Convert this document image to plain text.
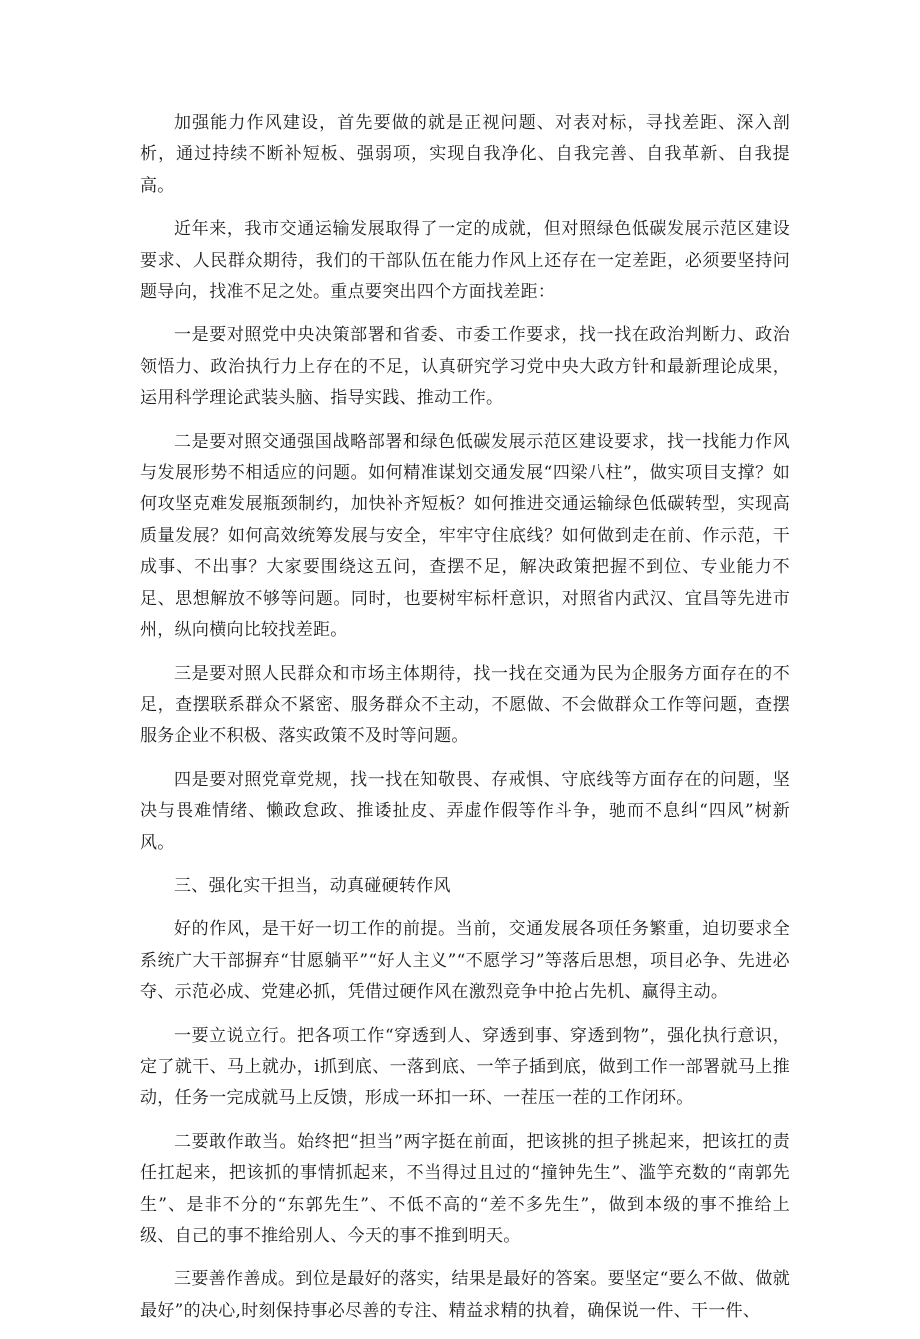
加强能力作风建设，首先要做的就是正视问题、对表对标，寻找差距、深入剖析，通过持续不断补短板、强弱项，实现自我净化、自我完善、自我革新、自我提高。

近年来，我市交通运输发展取得了一定的成就，但对照绿色低碳发展示范区建设要求、人民群众期待，我们的干部队伍在能力作风上还存在一定差距，必须要坚持问题导向，找准不足之处。重点要突出四个方面找差距：

一是要对照党中央决策部署和省委、市委工作要求，找一找在政治判断力、政治领悟力、政治执行力上存在的不足，认真研究学习党中央大政方针和最新理论成果，运用科学理论武装头脑、指导实践、推动工作。

二是要对照交通强国战略部署和绿色低碳发展示范区建设要求，找一找能力作风与发展形势不相适应的问题。如何精准谋划交通发展“四梁八柱”，做实项目支撑？如何攻坚克难发展瓶颈制约，加快补齐短板？如何推进交通运输绿色低碳转型，实现高质量发展？如何高效统筹发展与安全，牢牢守住底线？如何做到走在前、作示范，干成事、不出事？大家要围绕这五问，查摆不足，解决政策把握不到位、专业能力不足、思想解放不够等问题。同时，也要树牢标杆意识，对照省内武汉、宜昌等先进市州，纵向横向比较找差距。

三是要对照人民群众和市场主体期待，找一找在交通为民为企服务方面存在的不足，查摆联系群众不紧密、服务群众不主动，不愿做、不会做群众工作等问题，查摆服务企业不积极、落实政策不及时等问题。

四是要对照党章党规，找一找在知敬畏、存戒惧、守底线等方面存在的问题，坚决与畏难情绪、懒政怠政、推诿扯皮、弄虚作假等作斗争，驰而不息纠“四风”树新风。

三、强化实干担当，动真碰硬转作风

好的作风，是干好一切工作的前提。当前，交通发展各项任务繁重，迫切要求全系统广大干部摒弃“甘愿躺平”“好人主义”“不愿学习”等落后思想，项目必争、先进必夺、示范必成、党建必抓，凭借过硬作风在激烈竞争中抢占先机、赢得主动。

一要立说立行。把各项工作“穿透到人、穿透到事、穿透到物”，强化执行意识，定了就干、马上就办，i抓到底、一落到底、一竿子插到底，做到工作一部署就马上推动，任务一完成就马上反馈，形成一环扣一环、一茬压一茬的工作闭环。

二要敢作敢当。始终把“担当”两字挺在前面，把该挑的担子挑起来，把该扛的责任扛起来，把该抓的事情抓起来，不当得过且过的“撞钟先生”、滥竽充数的“南郭先生”、是非不分的“东郭先生”、不低不高的“差不多先生”，做到本级的事不推给上级、自己的事不推给别人、今天的事不推到明天。

三要善作善成。到位是最好的落实，结果是最好的答案。要坚定“要么不做、做就最好”的决心,时刻保持事必尽善的专注、精益求精的执着，确保说一件、干一件、
